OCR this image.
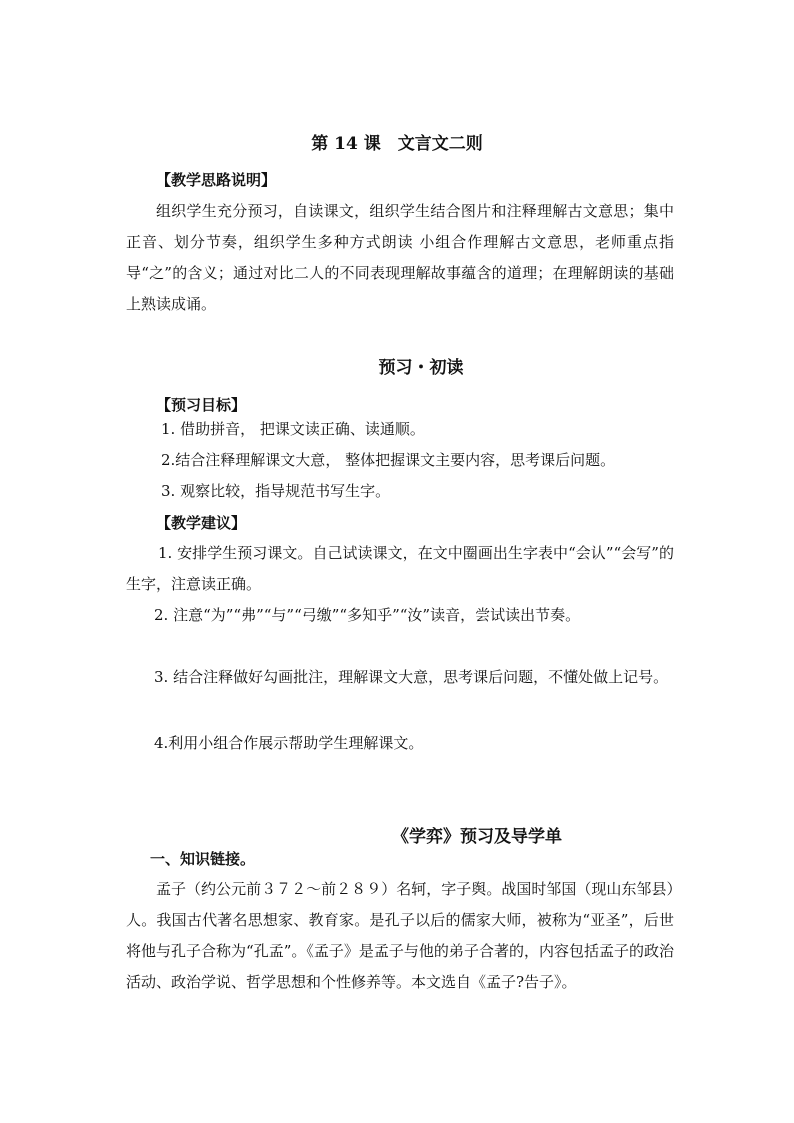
第 14 课　文言文二则
【教学思路说明】
组织学生充分预习，自读课文，组织学生结合图片和注释理解古文意思；集中正音、划分节奏，组织学生多种方式朗读 小组合作理解古文意思，老师重点指导“之”的含义；通过对比二人的不同表现理解故事蕴含的道理；在理解朗读的基础上熟读成诵。
预习・初读
【预习目标】
1. 借助拼音， 把课文读正确、读通顺。
2.结合注释理解课文大意， 整体把握课文主要内容，思考课后问题。
3. 观察比较，指导规范书写生字。
【教学建议】
1. 安排学生预习课文。自己试读课文，在文中圈画出生字表中“会认”“会写”的生字，注意读正确。
2. 注意“为”“弗”“与”“弓缴”“多知乎”“汝”读音，尝试读出节奏。
3. 结合注释做好勾画批注，理解课文大意，思考课后问题，不懂处做上记号。
4.利用小组合作展示帮助学生理解课文。
《学弈》预习及导学单
一、知识链接。
孟子（约公元前３７２～前２８９）名轲，字子舆。战国时邹国（现山东邹县）人。我国古代著名思想家、教育家。是孔子以后的儒家大师，被称为“亚圣”，后世将他与孔子合称为“孔孟”。《孟子》是孟子与他的弟子合著的，内容包括孟子的政治活动、政治学说、哲学思想和个性修养等。本文选自《孟子?告子》。
